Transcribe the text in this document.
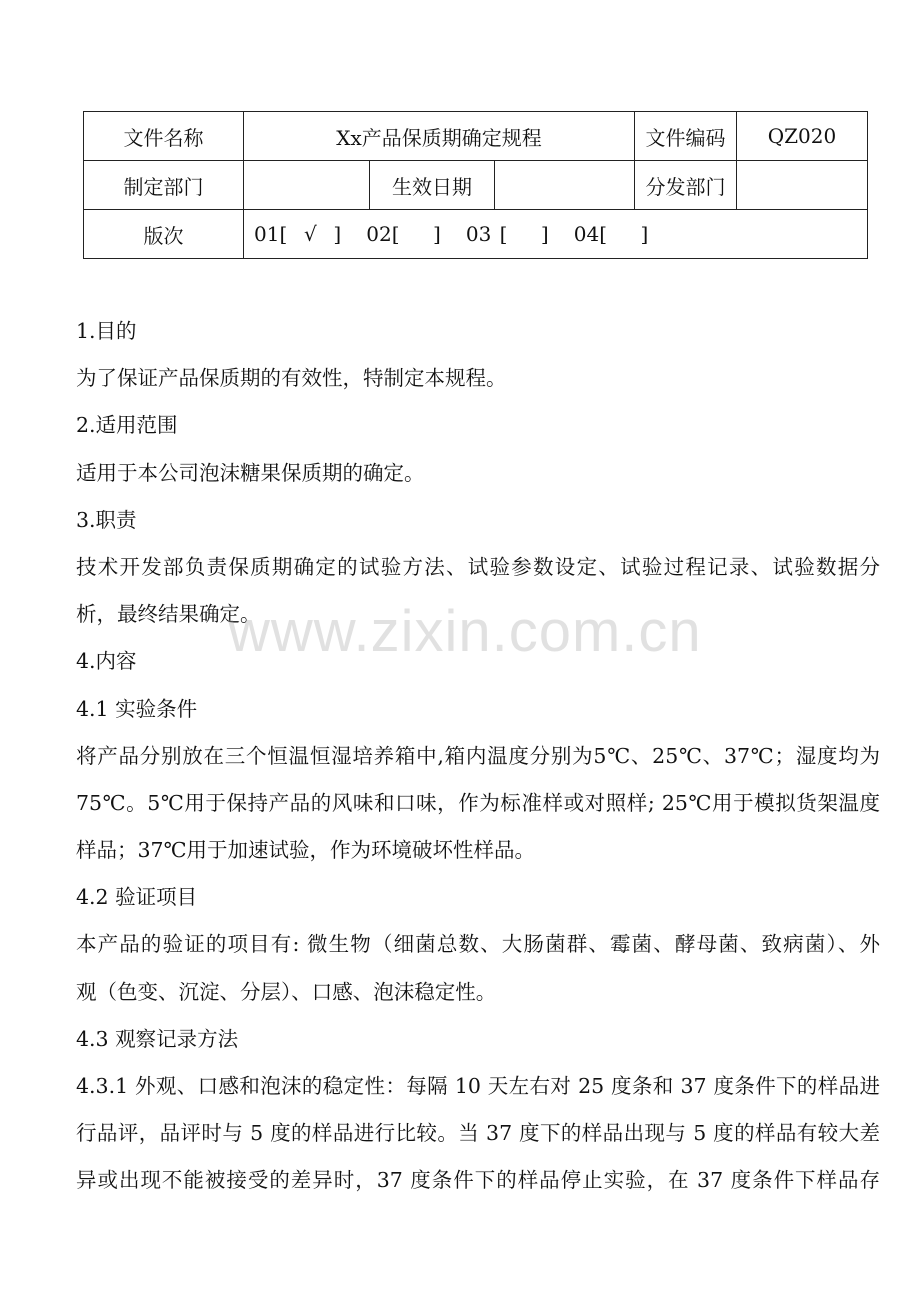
文件名称	Xx产品保质期确定规程			文件编码	QZ020
制定部门		生效日期		分发部门	
版次	01[  √  ]   02[    ]   03 [    ]   04[    ]				
1.目的
为了保证产品保质期的有效性，特制定本规程。
2.适用范围
适用于本公司泡沫糖果保质期的确定。
3.职责
技术开发部负责保质期确定的试验方法、试验参数设定、试验过程记录、试验数据分
析，最终结果确定。
4.内容
4.1 实验条件
将产品分别放在三个恒温恒湿培养箱中,箱内温度分别为5℃、25℃、37℃；湿度均为
75℃。5℃用于保持产品的风味和口味，作为标准样或对照样; 25℃用于模拟货架温度
样品；37℃用于加速试验，作为环境破坏性样品。
4.2 验证项目
本产品的验证的项目有: 微生物（细菌总数、大肠菌群、霉菌、酵母菌、致病菌）、外
观（色变、沉淀、分层）、口感、泡沫稳定性。
4.3 观察记录方法
4.3.1 外观、口感和泡沫的稳定性：每隔 10 天左右对 25 度条和 37 度条件下的样品进
行品评，品评时与 5 度的样品进行比较。当 37 度下的样品出现与 5 度的样品有较大差
异或出现不能被接受的差异时，37 度条件下的样品停止实验，在 37 度条件下样品存
www.zixin.com.cn
